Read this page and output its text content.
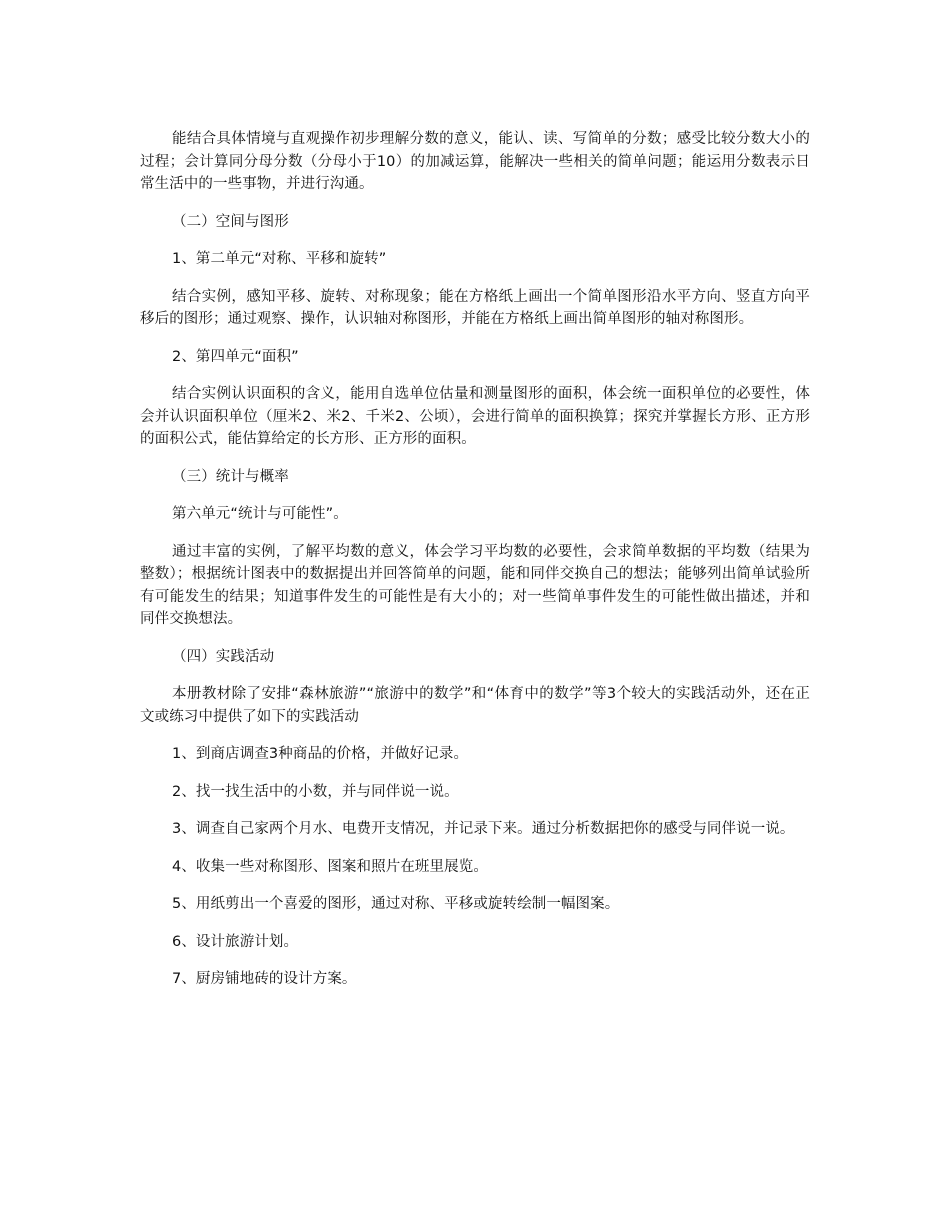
能结合具体情境与直观操作初步理解分数的意义，能认、读、写简单的分数；感受比较分数大小的过程；会计算同分母分数（分母小于10）的加减运算，能解决一些相关的简单问题；能运用分数表示日常生活中的一些事物，并进行沟通。

（二）空间与图形

1、第二单元“对称、平移和旋转”

结合实例，感知平移、旋转、对称现象；能在方格纸上画出一个简单图形沿水平方向、竖直方向平移后的图形；通过观察、操作，认识轴对称图形，并能在方格纸上画出简单图形的轴对称图形。

2、第四单元“面积”

结合实例认识面积的含义，能用自选单位估量和测量图形的面积，体会统一面积单位的必要性，体会并认识面积单位（厘米2、米2、千米2、公顷），会进行简单的面积换算；探究并掌握长方形、正方形的面积公式，能估算给定的长方形、正方形的面积。

（三）统计与概率

第六单元“统计与可能性”。

通过丰富的实例，了解平均数的意义，体会学习平均数的必要性，会求简单数据的平均数（结果为整数）；根据统计图表中的数据提出并回答简单的问题，能和同伴交换自己的想法；能够列出简单试验所有可能发生的结果；知道事件发生的可能性是有大小的；对一些简单事件发生的可能性做出描述，并和同伴交换想法。

（四）实践活动

本册教材除了安排“森林旅游”“旅游中的数学”和“体育中的数学”等3个较大的实践活动外，还在正文或练习中提供了如下的实践活动

1、到商店调查3种商品的价格，并做好记录。

2、找一找生活中的小数，并与同伴说一说。

3、调查自己家两个月水、电费开支情况，并记录下来。通过分析数据把你的感受与同伴说一说。

4、收集一些对称图形、图案和照片在班里展览。

5、用纸剪出一个喜爱的图形，通过对称、平移或旋转绘制一幅图案。

6、设计旅游计划。

7、厨房铺地砖的设计方案。
